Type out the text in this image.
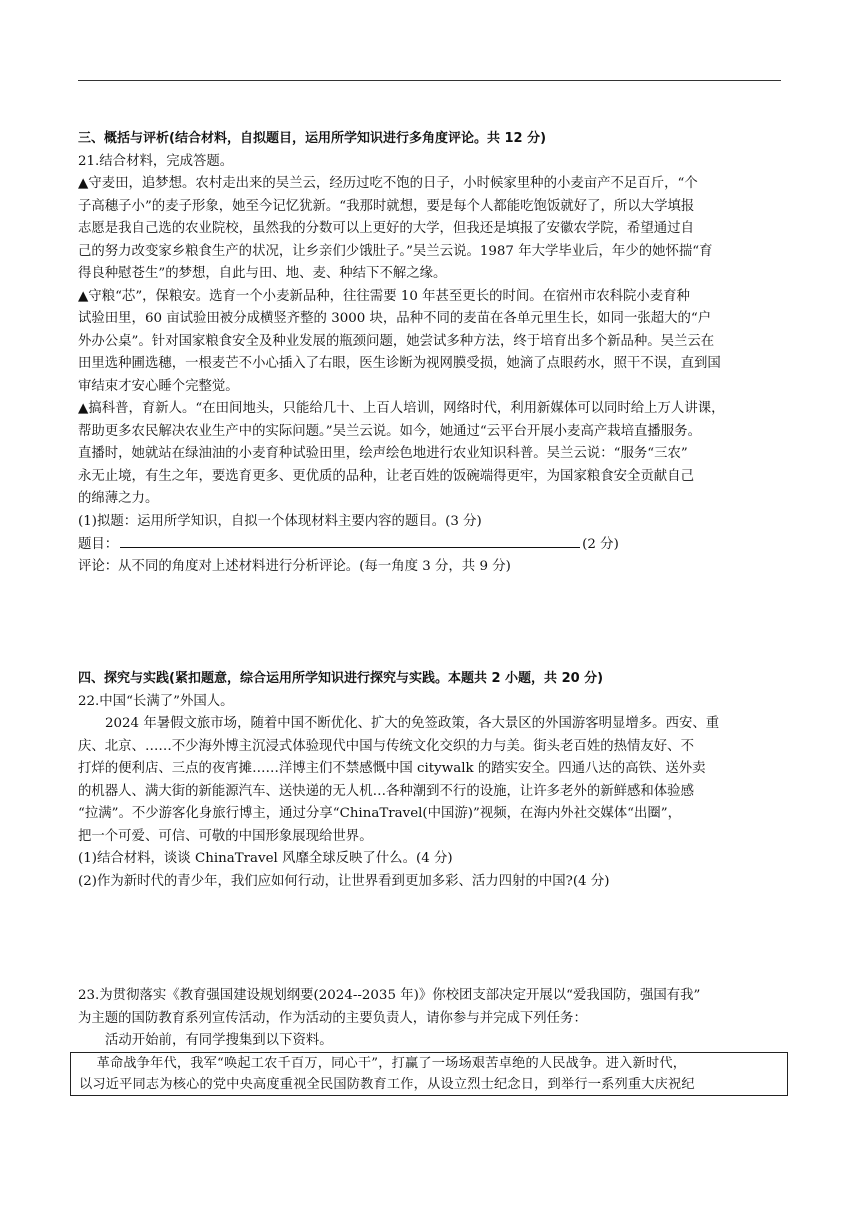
三、概括与评析(结合材料，自拟题目，运用所学知识进行多角度评论。共 12 分)
21.结合材料，完成答题。
▲守麦田，追梦想。农村走出来的吴兰云，经历过吃不饱的日子，小时候家里种的小麦亩产不足百斤，“个
子高穗子小”的麦子形象，她至今记忆犹新。“我那时就想，要是每个人都能吃饱饭就好了，所以大学填报
志愿是我自己选的农业院校，虽然我的分数可以上更好的大学，但我还是填报了安徽农学院，希望通过自
己的努力改变家乡粮食生产的状况，让乡亲们少饿肚子。”吴兰云说。1987 年大学毕业后，年少的她怀揣“育
得良种慰苍生”的梦想，自此与田、地、麦、种结下不解之缘。
▲守粮“芯”，保粮安。选育一个小麦新品种，往往需要 10 年甚至更长的时间。在宿州市农科院小麦育种
试验田里，60 亩试验田被分成横竖齐整的 3000 块，品种不同的麦苗在各单元里生长，如同一张超大的“户
外办公桌”。针对国家粮食安全及种业发展的瓶颈问题，她尝试多种方法，终于培育出多个新品种。吴兰云在
田里选种圃选穗，一根麦芒不小心插入了右眼，医生诊断为视网膜受损，她滴了点眼药水，照干不误，直到国
审结束才安心睡个完整觉。
▲搞科普，育新人。“在田间地头，只能给几十、上百人培训，网络时代，利用新媒体可以同时给上万人讲课，
帮助更多农民解决农业生产中的实际问题。”吴兰云说。如今，她通过“云平台开展小麦高产栽培直播服务。
直播时，她就站在绿油油的小麦育种试验田里，绘声绘色地进行农业知识科普。吴兰云说：“服务“三农”
永无止境，有生之年，要选育更多、更优质的品种，让老百姓的饭碗端得更牢，为国家粮食安全贡献自己
的绵薄之力。
(1)拟题：运用所学知识，自拟一个体现材料主要内容的题目。(3 分)
题目：	(2 分)
评论：从不同的角度对上述材料进行分析评论。(每一角度 3 分，共 9 分)
四、探究与实践(紧扣题意，综合运用所学知识进行探究与实践。本题共 2 小题，共 20 分)
22.中国“长满了”外国人。
2024 年暑假文旅市场，随着中国不断优化、扩大的免签政策，各大景区的外国游客明显增多。西安、重
庆、北京、……不少海外博主沉浸式体验现代中国与传统文化交织的力与美。街头老百姓的热情友好、不
打烊的便利店、三点的夜宵摊……洋博主们不禁感慨中国 citywalk 的踏实安全。四通八达的高铁、送外卖
的机器人、满大街的新能源汽车、送快递的无人机…各种潮到不行的设施，让许多老外的新鲜感和体验感
“拉满”。不少游客化身旅行博主，通过分享“ChinaTravel(中国游)”视频，在海内外社交媒体“出圈”，
把一个可爱、可信、可敬的中国形象展现给世界。
(1)结合材料，谈谈 ChinaTravel 风靡全球反映了什么。(4 分)
(2)作为新时代的青少年，我们应如何行动，让世界看到更加多彩、活力四射的中国?(4 分)
23.为贯彻落实《教育强国建设规划纲要(2024--2035 年)》你校团支部决定开展以“爱我国防，强国有我”
为主题的国防教育系列宣传活动，作为活动的主要负责人，请你参与并完成下列任务：
活动开始前，有同学搜集到以下资料。
革命战争年代，我军“唤起工农千百万，同心干”，打赢了一场场艰苦卓绝的人民战争。进入新时代，
以习近平同志为核心的党中央高度重视全民国防教育工作，从设立烈士纪念日，到举行一系列重大庆祝纪
